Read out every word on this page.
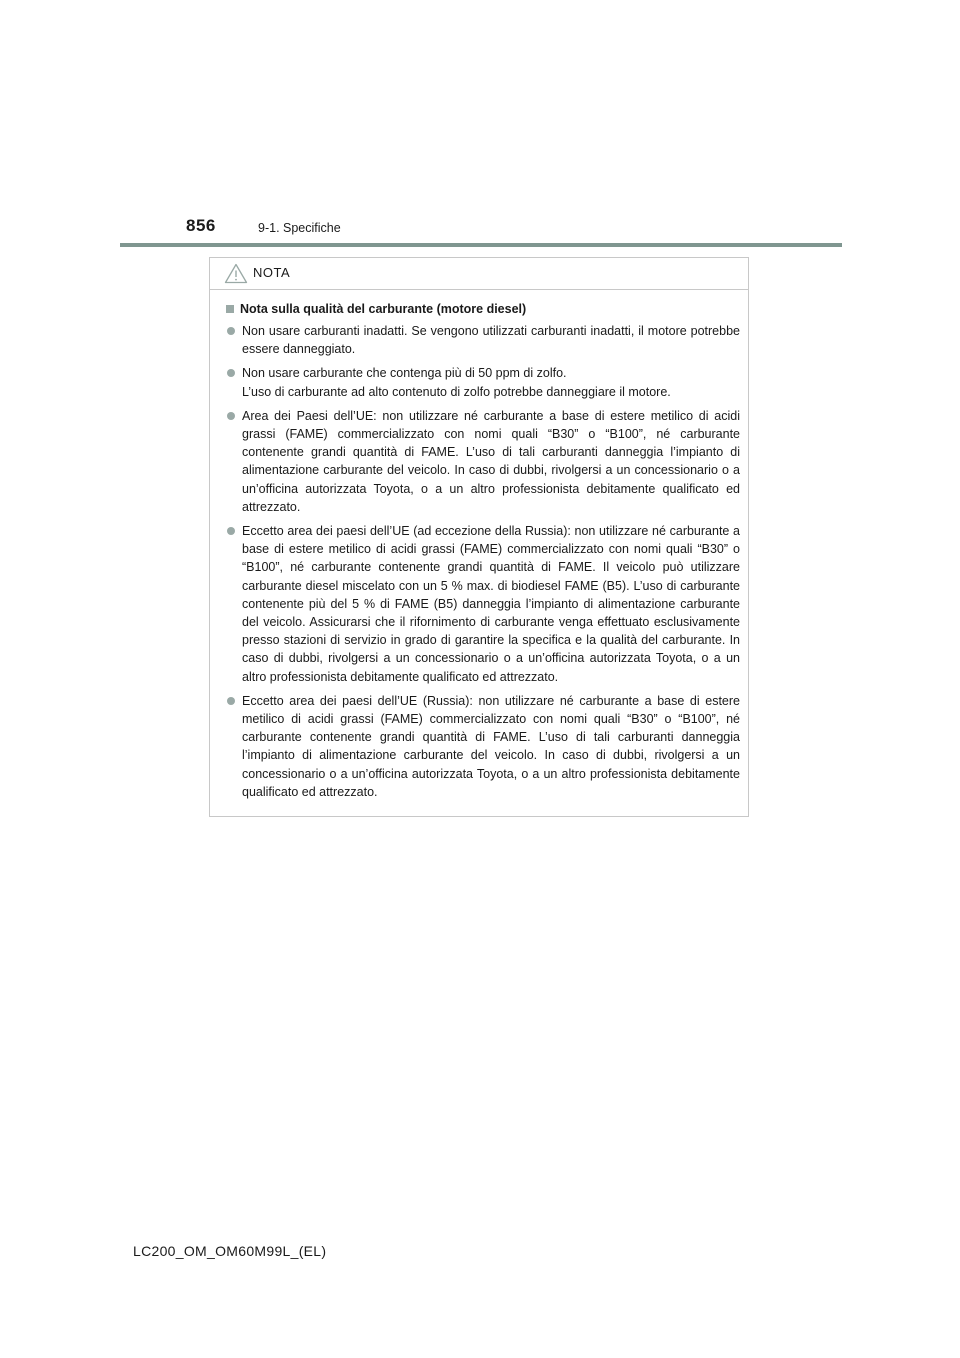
856	9-1. Specifiche
NOTA
Nota sulla qualità del carburante (motore diesel)

Non usare carburanti inadatti. Se vengono utilizzati carburanti inadatti, il motore potrebbe essere danneggiato.

Non usare carburante che contenga più di 50 ppm di zolfo.
L’uso di carburante ad alto contenuto di zolfo potrebbe danneggiare il motore.

Area dei Paesi dell’UE: non utilizzare né carburante a base di estere metilico di acidi grassi (FAME) commercializzato con nomi quali “B30” o “B100”, né carburante contenente grandi quantità di FAME. L’uso di tali carburanti danneggia l’impianto di alimentazione carburante del veicolo. In caso di dubbi, rivolgersi a un concessionario o a un’officina autorizzata Toyota, o a un altro professionista debitamente qualificato ed attrezzato.

Eccetto area dei paesi dell’UE (ad eccezione della Russia): non utilizzare né carburante a base di estere metilico di acidi grassi (FAME) commercializzato con nomi quali “B30” o “B100”, né carburante contenente grandi quantità di FAME. Il veicolo può utilizzare carburante diesel miscelato con un 5 % max. di biodiesel FAME (B5). L’uso di carburante contenente più del 5 % di FAME (B5) danneggia l’impianto di alimentazione carburante del veicolo. Assicurarsi che il rifornimento di carburante venga effettuato esclusivamente presso stazioni di servizio in grado di garantire la specifica e la qualità del carburante. In caso di dubbi, rivolgersi a un concessionario o a un’officina autorizzata Toyota, o a un altro professionista debitamente qualificato ed attrezzato.

Eccetto area dei paesi dell’UE (Russia): non utilizzare né carburante a base di estere metilico di acidi grassi (FAME) commercializzato con nomi quali “B30” o “B100”, né carburante contenente grandi quantità di FAME. L’uso di tali carburanti danneggia l’impianto di alimentazione carburante del veicolo. In caso di dubbi, rivolgersi a un concessionario o a un’officina autorizzata Toyota, o a un altro professionista debitamente qualificato ed attrezzato.

LC200_OM_OM60M99L_(EL)
